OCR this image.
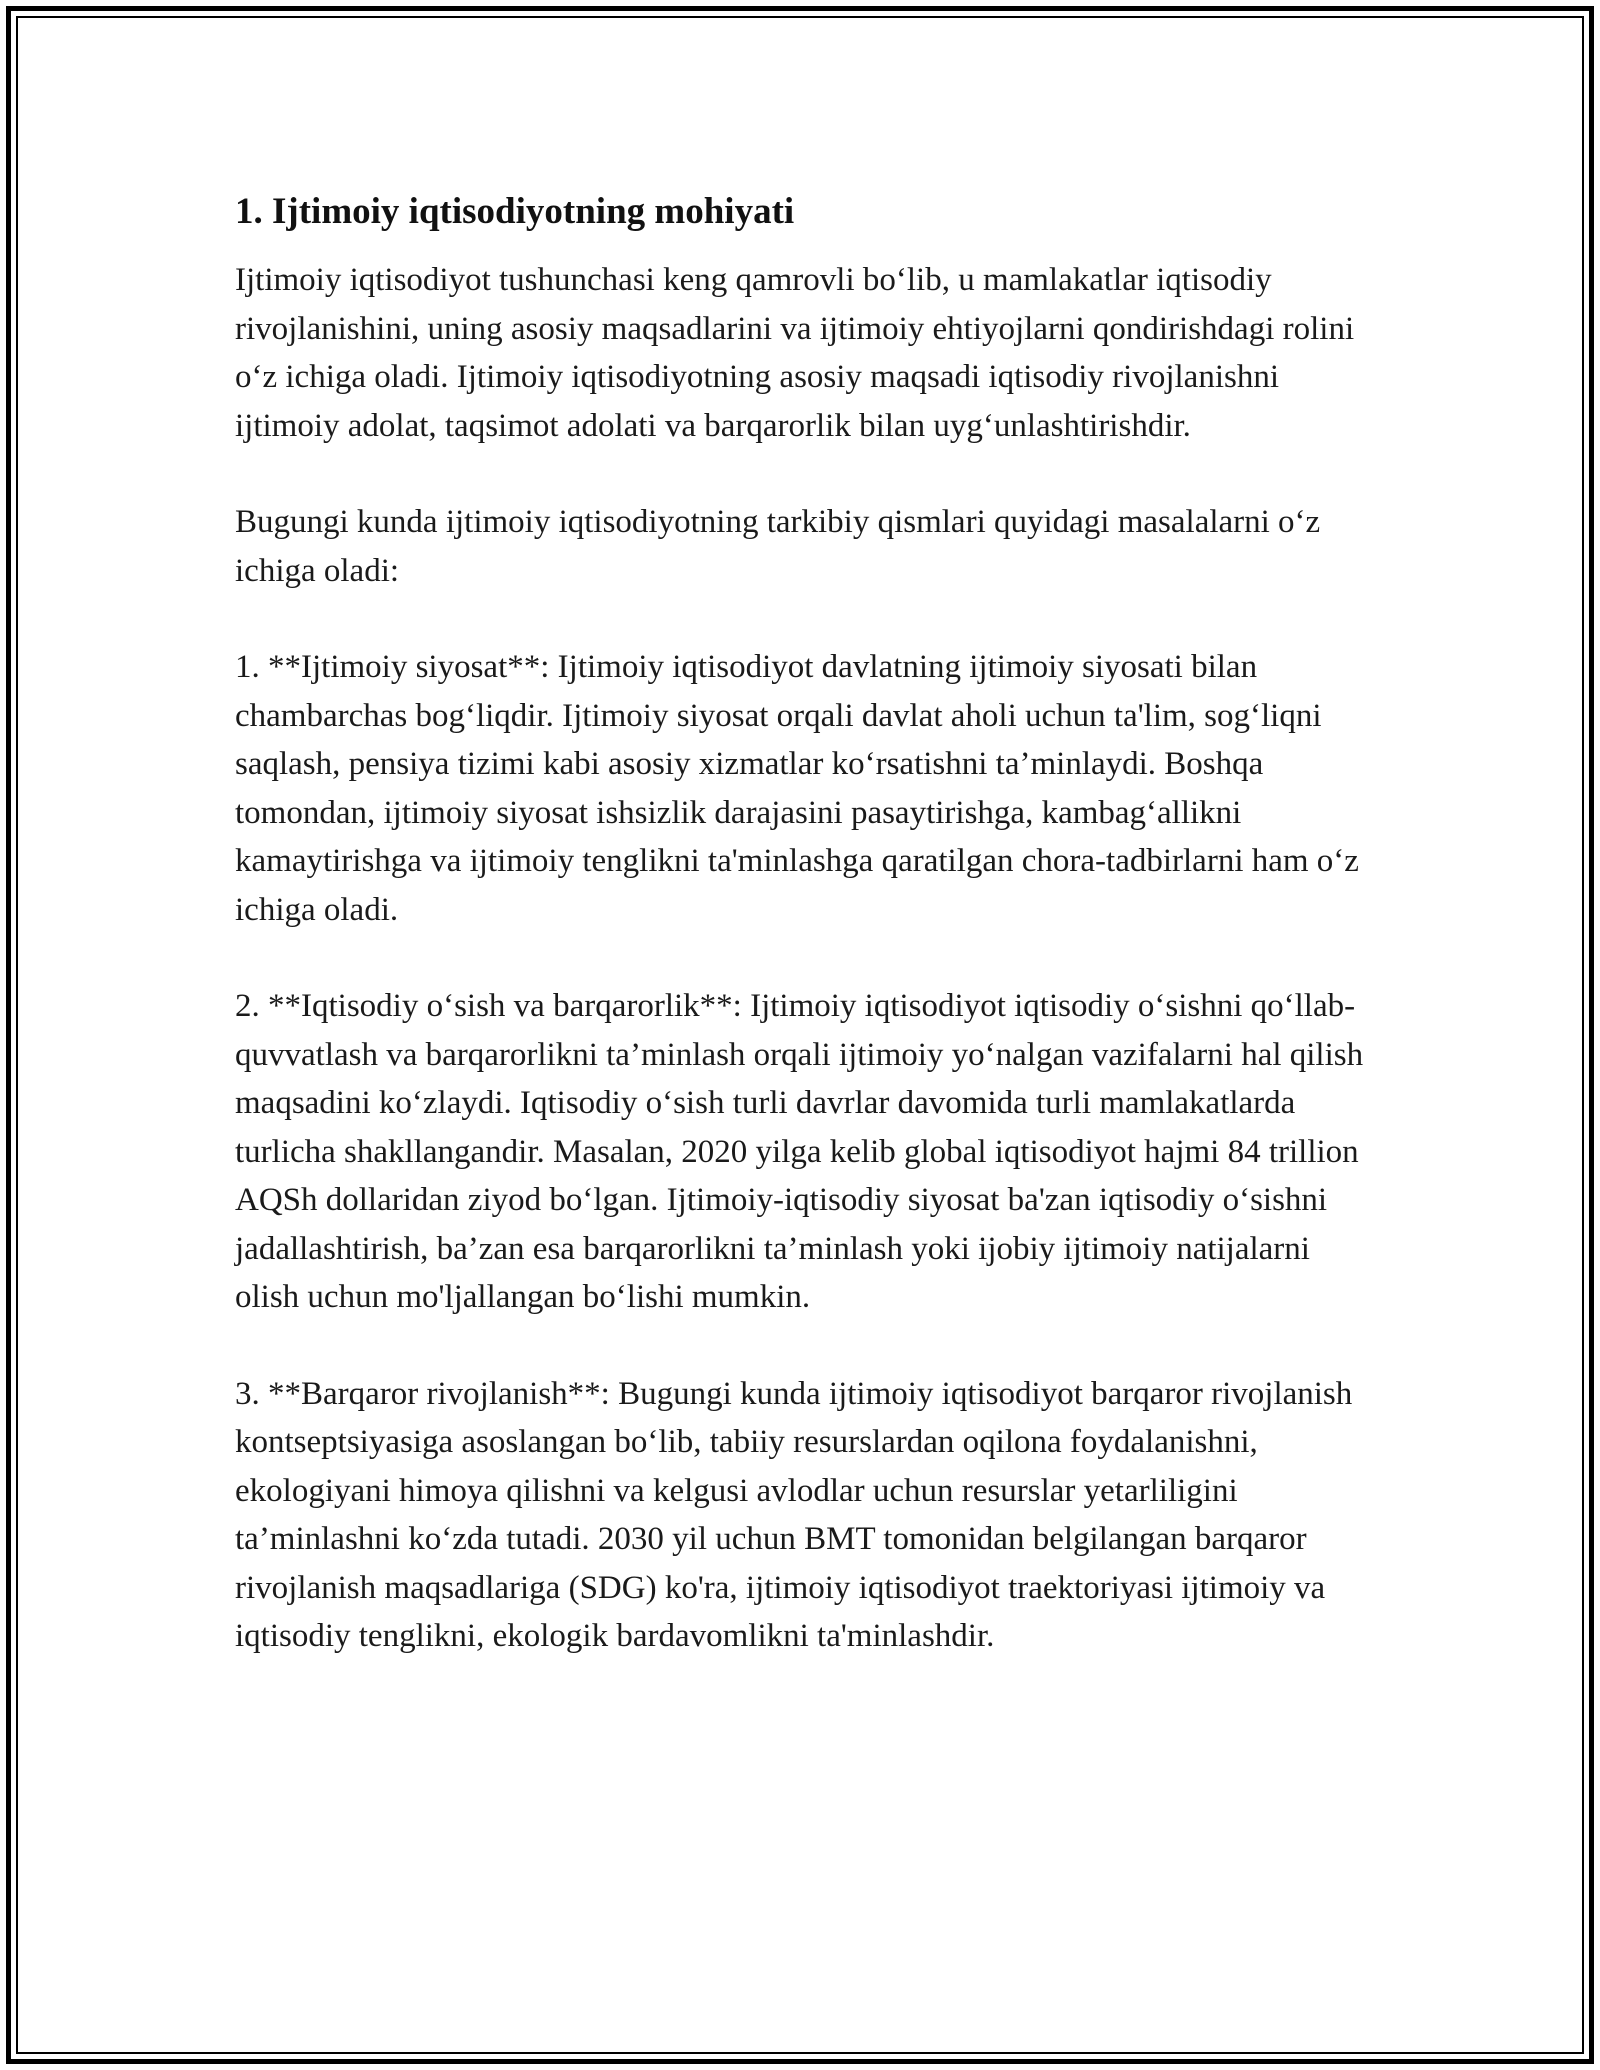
1. Ijtimoiy iqtisodiyotning mohiyati

Ijtimoiy iqtisodiyot tushunchasi keng qamrovli bo‘lib, u mamlakatlar iqtisodiy rivojlanishini, uning asosiy maqsadlarini va ijtimoiy ehtiyojlarni qondirishdagi rolini o‘z ichiga oladi. Ijtimoiy iqtisodiyotning asosiy maqsadi iqtisodiy rivojlanishni ijtimoiy adolat, taqsimot adolati va barqarorlik bilan uyg‘unlashtirishdir.

Bugungi kunda ijtimoiy iqtisodiyotning tarkibiy qismlari quyidagi masalalarni o‘z ichiga oladi:

1. **Ijtimoiy siyosat**: Ijtimoiy iqtisodiyot davlatning ijtimoiy siyosati bilan chambarchas bog‘liqdir. Ijtimoiy siyosat orqali davlat aholi uchun ta'lim, sog‘liqni saqlash, pensiya tizimi kabi asosiy xizmatlar ko‘rsatishni ta’minlaydi. Boshqa tomondan, ijtimoiy siyosat ishsizlik darajasini pasaytirishga, kambag‘allikni kamaytirishga va ijtimoiy tenglikni ta'minlashga qaratilgan chora-tadbirlarni ham o‘z ichiga oladi.

2. **Iqtisodiy o‘sish va barqarorlik**: Ijtimoiy iqtisodiyot iqtisodiy o‘sishni qo‘llab-quvvatlash va barqarorlikni ta’minlash orqali ijtimoiy yo‘nalgan vazifalarni hal qilish maqsadini ko‘zlaydi. Iqtisodiy o‘sish turli davrlar davomida turli mamlakatlarda turlicha shakllangandir. Masalan, 2020 yilga kelib global iqtisodiyot hajmi 84 trillion AQSh dollaridan ziyod bo‘lgan. Ijtimoiy-iqtisodiy siyosat ba'zan iqtisodiy o‘sishni jadallashtirish, ba’zan esa barqarorlikni ta’minlash yoki ijobiy ijtimoiy natijalarni olish uchun mo'ljallangan bo‘lishi mumkin.

3. **Barqaror rivojlanish**: Bugungi kunda ijtimoiy iqtisodiyot barqaror rivojlanish kontseptsiyasiga asoslangan bo‘lib, tabiiy resurslardan oqilona foydalanishni, ekologiyani himoya qilishni va kelgusi avlodlar uchun resurslar yetarliligini ta’minlashni ko‘zda tutadi. 2030 yil uchun BMT tomonidan belgilangan barqaror rivojlanish maqsadlariga (SDG) ko'ra, ijtimoiy iqtisodiyot traektoriyasi ijtimoiy va iqtisodiy tenglikni, ekologik bardavomlikni ta'minlashdir.
